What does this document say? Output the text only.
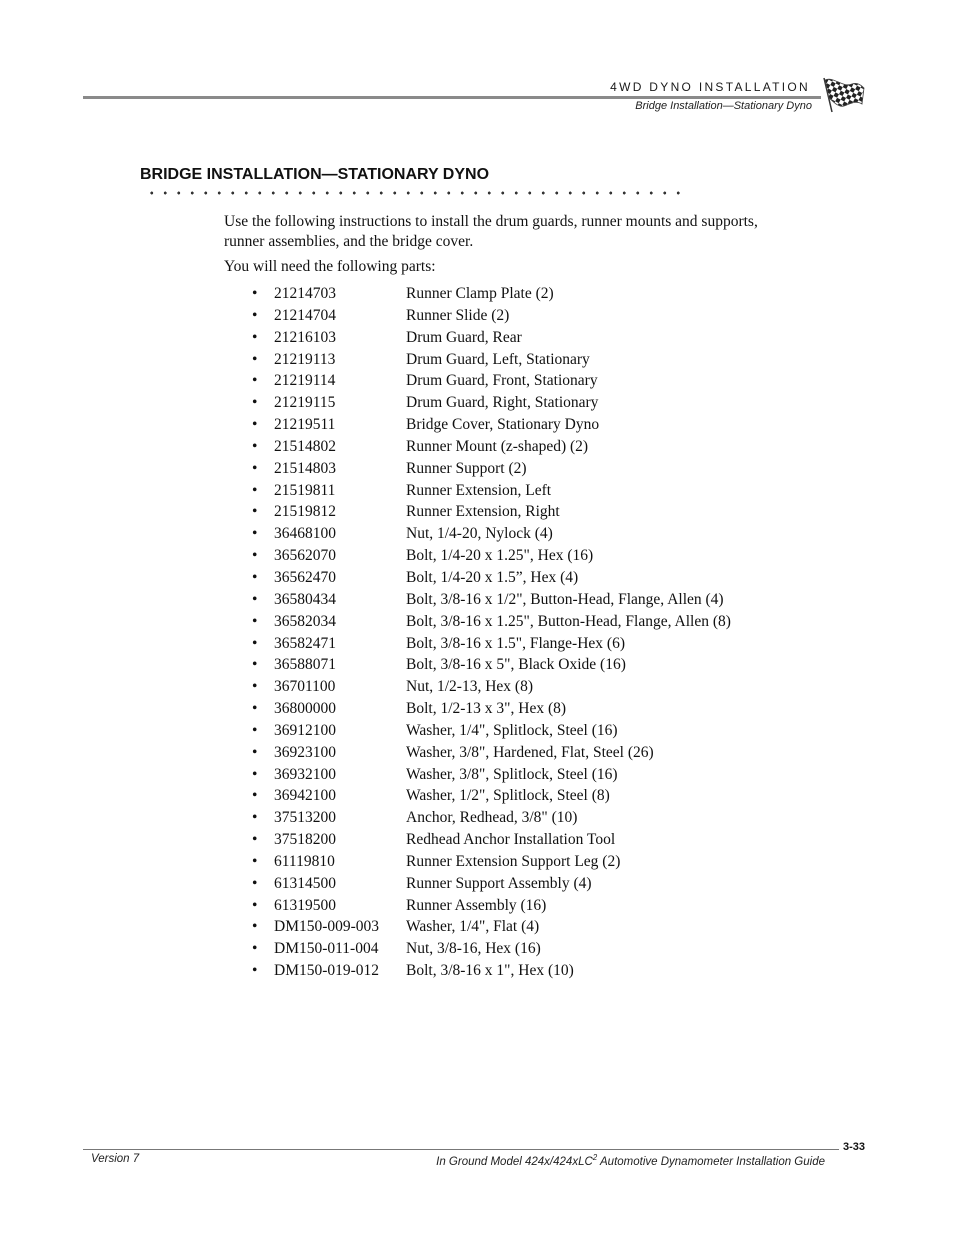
4WD DYNO INSTALLATION
Bridge Installation—Stationary Dyno
BRIDGE INSTALLATION—STATIONARY DYNO

Use the following instructions to install the drum guards, runner mounts and supports, runner assemblies, and the bridge cover.

You will need the following parts:

• 21214703	Runner Clamp Plate (2)
• 21214704	Runner Slide (2)
• 21216103	Drum Guard, Rear
• 21219113	Drum Guard, Left, Stationary
• 21219114	Drum Guard, Front, Stationary
• 21219115	Drum Guard, Right, Stationary
• 21219511	Bridge Cover, Stationary Dyno
• 21514802	Runner Mount (z-shaped) (2)
• 21514803	Runner Support (2)
• 21519811	Runner Extension, Left
• 21519812	Runner Extension, Right
• 36468100	Nut, 1/4-20, Nylock (4)
• 36562070	Bolt, 1/4-20 x 1.25", Hex (16)
• 36562470	Bolt, 1/4-20 x 1.5”, Hex (4)
• 36580434	Bolt, 3/8-16 x 1/2", Button-Head, Flange, Allen (4)
• 36582034	Bolt, 3/8-16 x 1.25", Button-Head, Flange, Allen (8)
• 36582471	Bolt, 3/8-16 x 1.5", Flange-Hex (6)
• 36588071	Bolt, 3/8-16 x 5", Black Oxide (16)
• 36701100	Nut, 1/2-13, Hex (8)
• 36800000	Bolt, 1/2-13 x 3", Hex (8)
• 36912100	Washer, 1/4", Splitlock, Steel (16)
• 36923100	Washer, 3/8", Hardened, Flat, Steel (26)
• 36932100	Washer, 3/8", Splitlock, Steel (16)
• 36942100	Washer, 1/2", Splitlock, Steel (8)
• 37513200	Anchor, Redhead, 3/8" (10)
• 37518200	Redhead Anchor Installation Tool
• 61119810	Runner Extension Support Leg (2)
• 61314500	Runner Support Assembly (4)
• 61319500	Runner Assembly (16)
• DM150-009-003 Washer, 1/4", Flat (4)
• DM150-011-004 Nut, 3/8-16, Hex (16)
• DM150-019-012 Bolt, 3/8-16 x 1", Hex (10)
3-33
Version 7	In Ground Model 424x/424xLC$^2$ Automotive Dynamometer Installation Guide
